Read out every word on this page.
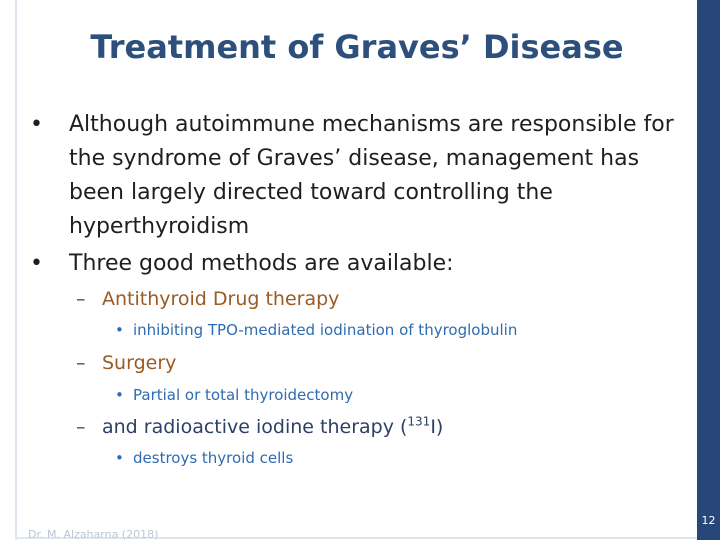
Treatment of Graves’ Disease
• Although autoimmune mechanisms are responsible for the syndrome of Graves’ disease, management has been largely directed toward controlling the hyperthyroidism
• Three good methods are available:
– Antithyroid Drug therapy
• inhibiting TPO-mediated iodination of thyroglobulin
– Surgery
• Partial or total thyroidectomy
– and radioactive iodine therapy ($^{131}$I)
• destroys thyroid cells
Dr. M. Alzaharna (2018)
12
